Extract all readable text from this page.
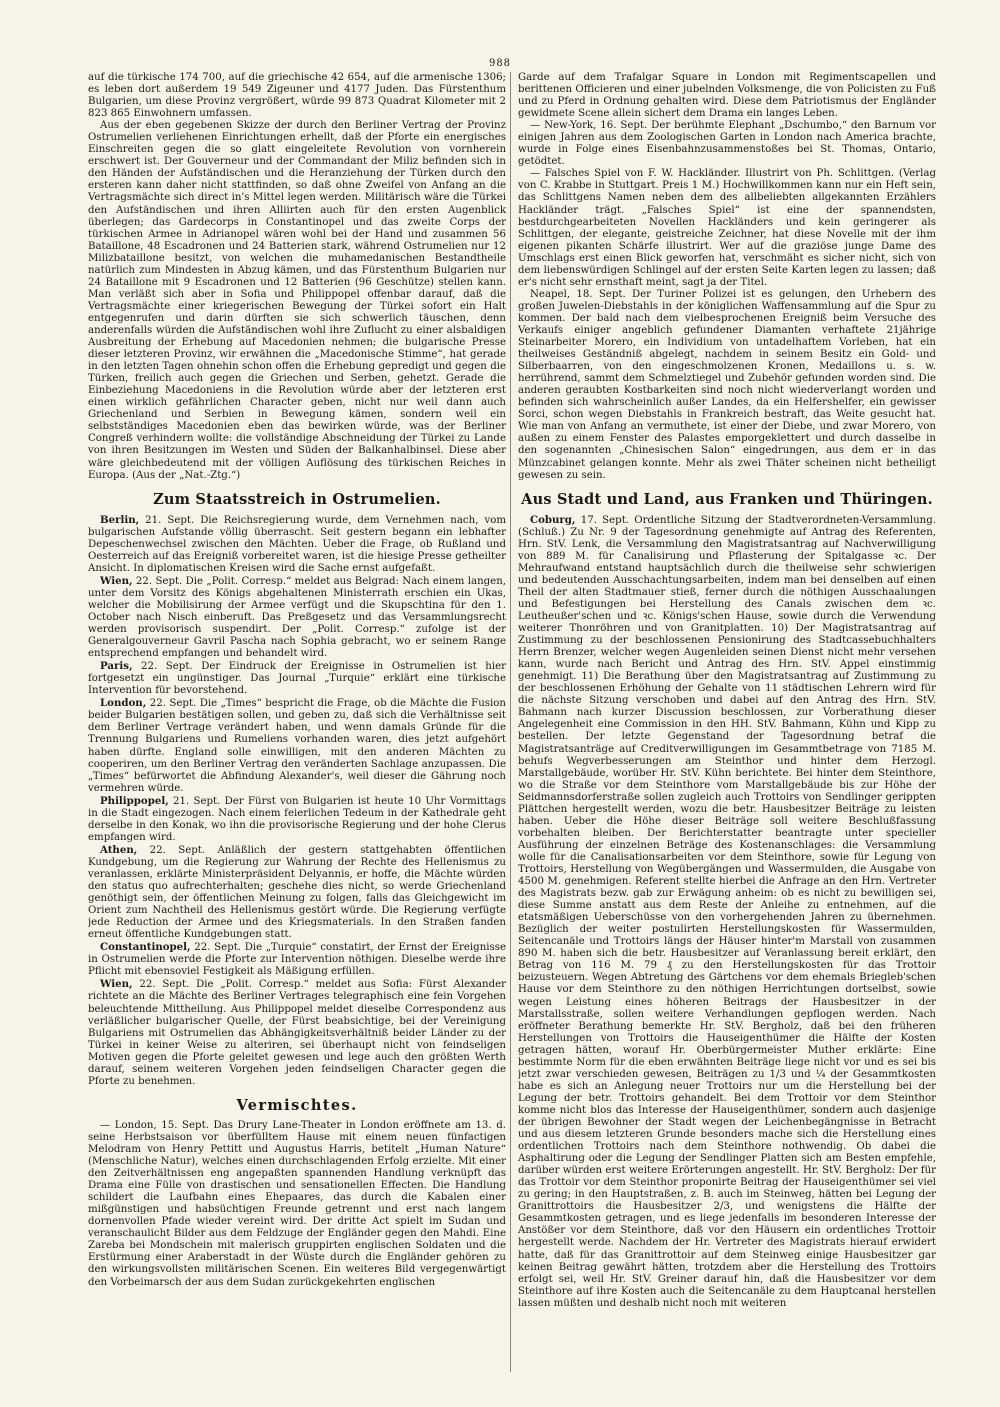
988

auf die türkische 174 700, auf die griechische 42 654, auf die armenische 1306; es leben dort außerdem 19 549 Zigeuner und 4177 Juden. Das Fürstenthum Bulgarien, um diese Provinz vergrößert, würde 99 873 Quadrat Kilometer mit 2 823 865 Einwohnern umfassen.

Aus der eben gegebenen Skizze der durch den Berliner Vertrag der Provinz Ostrumelien verliehenen Einrichtungen erhellt, daß der Pforte ein energisches Einschreiten gegen die so glatt eingeleitete Revolution von vornherein erschwert ist. Der Gouverneur und der Commandant der Miliz befinden sich in den Händen der Aufständischen und die Heranziehung der Türken durch den ersteren kann daher nicht stattfinden, so daß ohne Zweifel von Anfang an die Vertragsmächte sich direct in's Mittel legen werden. Militärisch wäre die Türkei den Aufständischen und ihren Alliirten auch für den ersten Augenblick überlegen; das Gardecorps in Constantinopel und das zweite Corps der türkischen Armee in Adrianopel wären wohl bei der Hand und zusammen 56 Bataillone, 48 Escadronen und 24 Batterien stark, während Ostrumelien nur 12 Milizbataillone besitzt, von welchen die muhamedanischen Bestandtheile natürlich zum Mindesten in Abzug kämen, und das Fürstenthum Bulgarien nur 24 Bataillone mit 9 Escadronen und 12 Batterien (96 Geschütze) stellen kann. Man verläßt sich aber in Sofia und Philippopel offenbar darauf, daß die Vertragsmächte einer kriegerischen Bewegung der Türkei sofort ein Halt entgegenrufen und darin dürften sie sich schwerlich täuschen, denn anderenfalls würden die Aufständischen wohl ihre Zuflucht zu einer alsbaldigen Ausbreitung der Erhebung auf Macedonien nehmen; die bulgarische Presse dieser letzteren Provinz, wir erwähnen die „Macedonische Stimme“, hat gerade in den letzten Tagen ohnehin schon offen die Erhebung gepredigt und gegen die Türken, freilich auch gegen die Griechen und Serben, gehetzt. Gerade die Einbeziehung Macedoniens in die Revolution würde aber der letzteren erst einen wirklich gefährlichen Character geben, nicht nur weil dann auch Griechenland und Serbien in Bewegung kämen, sondern weil ein selbstständiges Macedonien eben das bewirken würde, was der Berliner Congreß verhindern wollte: die vollständige Abschneidung der Türkei zu Lande von ihren Besitzungen im Westen und Süden der Balkanhalbinsel. Diese aber wäre gleichbedeutend mit der völligen Auflösung des türkischen Reiches in Europa. (Aus der „Nat.-Ztg.“)

Zum Staatsstreich in Ostrumelien.

Berlin, 21. Sept. Die Reichsregierung wurde, dem Vernehmen nach, vom bulgarischen Aufstande völlig überrascht. Seit gestern begann ein lebhafter Depeschenwechsel zwischen den Mächten. Ueber die Frage, ob Rußland und Oesterreich auf das Ereigniß vorbereitet waren, ist die hiesige Presse getheilter Ansicht. In diplomatischen Kreisen wird die Sache ernst aufgefaßt.

Wien, 22. Sept. Die „Polit. Corresp.“ meldet aus Belgrad: Nach einem langen, unter dem Vorsitz des Königs abgehaltenen Ministerrath erschien ein Ukas, welcher die Mobilisirung der Armee verfügt und die Skupschtina für den 1. October nach Nisch einberuft. Das Preßgesetz und das Versammlungsrecht werden provisorisch suspendirt. Der „Polit. Corresp.“ zufolge ist der Generalgouverneur Gavril Pascha nach Sophia gebracht, wo er seinem Range entsprechend empfangen und behandelt wird.

Paris, 22. Sept. Der Eindruck der Ereignisse in Ostrumelien ist hier fortgesetzt ein ungünstiger. Das Journal „Turquie“ erklärt eine türkische Intervention für bevorstehend.

London, 22. Sept. Die „Times“ bespricht die Frage, ob die Mächte die Fusion beider Bulgarien bestätigen sollen, und geben zu, daß sich die Verhältnisse seit dem Berliner Vertrage verändert haben, und wenn damals Gründe für die Trennung Bulgariens und Rumeliens vorhanden waren, dies jetzt aufgehört haben dürfte. England solle einwilligen, mit den anderen Mächten zu cooperiren, um den Berliner Vertrag den veränderten Sachlage anzupassen. Die „Times“ befürwortet die Abfindung Alexander's, weil dieser die Gährung noch vermehren würde.

Philippopel, 21. Sept. Der Fürst von Bulgarien ist heute 10 Uhr Vormittags in die Stadt eingezogen. Nach einem feierlichen Tedeum in der Kathedrale geht derselbe in den Konak, wo ihn die provisorische Regierung und der hohe Clerus empfangen wird.

Athen, 22. Sept. Anläßlich der gestern stattgehabten öffentlichen Kundgebung, um die Regierung zur Wahrung der Rechte des Hellenismus zu veranlassen, erklärte Ministerpräsident Delyannis, er hoffe, die Mächte würden den status quo aufrechterhalten; geschehe dies nicht, so werde Griechenland genöthigt sein, der öffentlichen Meinung zu folgen, falls das Gleichgewicht im Orient zum Nachtheil des Hellenismus gestört würde. Die Regierung verfügte jede Reduction der Armee und des Kriegsmaterials. In den Straßen fanden erneut öffentliche Kundgebungen statt.

Constantinopel, 22. Sept. Die „Turquie“ constatirt, der Ernst der Ereignisse in Ostrumelien werde die Pforte zur Intervention nöthigen. Dieselbe werde ihre Pflicht mit ebensoviel Festigkeit als Mäßigung erfüllen.

Wien, 22. Sept. Die „Polit. Corresp.“ meldet aus Sofia: Fürst Alexander richtete an die Mächte des Berliner Vertrages telegraphisch eine fein Vorgehen beleuchtende Mittheilung. Aus Philippopel meldet dieselbe Correspondenz aus verläßlicher bulgarischer Quelle, der Fürst beabsichtige, bei der Vereinigung Bulgariens mit Ostrumelien das Abhängigkeitsverhältniß beider Länder zu der Türkei in keiner Weise zu alteriren, sei überhaupt nicht von feindseligen Motiven gegen die Pforte geleitet gewesen und lege auch den größten Werth darauf, seinem weiteren Vorgehen jeden feindseligen Character gegen die Pforte zu benehmen.

Vermischtes.

— London, 15. Sept. Das Drury Lane-Theater in London eröffnete am 13. d. seine Herbstsaison vor überfülltem Hause mit einem neuen fünfactigen Melodram von Henry Pettitt und Augustus Harris, betitelt „Human Nature“ (Menschliche Natur), welches einen durchschlagenden Erfolg erzielte. Mit einer den Zeitverhältnissen eng angepaßten spannenden Handlung verknüpft das Drama eine Fülle von drastischen und sensationellen Effecten. Die Handlung schildert die Laufbahn eines Ehepaares, das durch die Kabalen einer mißgünstigen und habsüchtigen Freunde getrennt und erst nach langem dornenvollen Pfade wieder vereint wird. Der dritte Act spielt im Sudan und veranschaulicht Bilder aus dem Feldzuge der Engländer gegen den Mahdi. Eine Zareba bei Mondschein mit malerisch gruppirten englischen Soldaten und die Erstürmung einer Araberstadt in der Wüste durch die Engländer gehören zu den wirkungsvollsten militärischen Scenen. Ein weiteres Bild vergegenwärtigt den Vorbeimarsch der aus dem Sudan zurückgekehrten englischen

Garde auf dem Trafalgar Square in London mit Regimentscapellen und berittenen Officieren und einer jubelnden Volksmenge, die von Policisten zu Fuß und zu Pferd in Ordnung gehalten wird. Diese dem Patriotismus der Engländer gewidmete Scene allein sichert dem Drama ein langes Leben.

— New-York, 16. Sept. Der berühmte Elephant „Dschumbo,“ den Barnum vor einigen Jahren aus dem Zoologischen Garten in London nach America brachte, wurde in Folge eines Eisenbahnzusammenstoßes bei St. Thomas, Ontario, getödtet.

— Falsches Spiel von F. W. Hackländer. Illustrirt von Ph. Schlittgen. (Verlag von C. Krabbe in Stuttgart. Preis 1 M.) Hochwillkommen kann nur ein Heft sein, das Schlittgens Namen neben dem des allbeliebten allgekannten Erzählers Hackländer trägt. „Falsches Spiel“ ist eine der spannendsten, bestdurchgearbeiteten Novellen Hackländers und kein geringerer als Schlittgen, der elegante, geistreiche Zeichner, hat diese Novelle mit der ihm eigenen pikanten Schärfe illustrirt. Wer auf die graziöse junge Dame des Umschlags erst einen Blick geworfen hat, verschmäht es sicher nicht, sich von dem liebenswürdigen Schlingel auf der ersten Seite Karten legen zu lassen; daß er's nicht sehr ernsthaft meint, sagt ja der Titel.

Neapel, 18. Sept. Der Turiner Polizei ist es gelungen, den Urhebern des großen Juwelen-Diebstahls in der königlichen Waffensammlung auf die Spur zu kommen. Der bald nach dem vielbesprochenen Ereigniß beim Versuche des Verkaufs einiger angeblich gefundener Diamanten verhaftete 21jährige Steinarbeiter Morero, ein Individium von untadelhaftem Vorleben, hat ein theilweises Geständniß abgelegt, nachdem in seinem Besitz ein Gold- und Silberbaarren, von den eingeschmolzenen Kronen, Medaillons u. s. w. herrührend, sammt dem Schmelztiegel und Zubehör gefunden worden sind. Die anderen geraubten Kostbarkeiten sind noch nicht wiederverlangt worden und befinden sich wahrscheinlich außer Landes, da ein Helfershelfer, ein gewisser Sorci, schon wegen Diebstahls in Frankreich bestraft, das Weite gesucht hat. Wie man von Anfang an vermuthete, ist einer der Diebe, und zwar Morero, von außen zu einem Fenster des Palastes emporgeklettert und durch dasselbe in den sogenannten „Chinesischen Salon“ eingedrungen, aus dem er in das Münzcabinet gelangen konnte. Mehr als zwei Thäter scheinen nicht betheiligt gewesen zu sein.

Aus Stadt und Land, aus Franken und Thüringen.

Coburg, 17. Sept. Ordentliche Sitzung der Stadtverordneten-Versammlung. (Schluß.) Zu Nr. 9 der Tagesordnung genehmigte auf Antrag des Referenten, Hrn. StV. Lenk, die Versammlung den Magistratsantrag auf Nachverwilligung von 889 M. für Canalisirung und Pflasterung der Spitalgasse ꝛc. Der Mehraufwand entstand hauptsächlich durch die theilweise sehr schwierigen und bedeutenden Ausschachtungsarbeiten, indem man bei denselben auf einen Theil der alten Stadtmauer stieß, ferner durch die nöthigen Ausschaalungen und Befestigungen bei Herstellung des Canals zwischen dem ꝛc. Leutheußer'schen und ꝛc. Königs'schen Hause, sowie durch die Verwendung weiterer Thonröhren und von Granitplatten. 10) Der Magistratsantrag auf Zustimmung zu der beschlossenen Pensionirung des Stadtcassebuchhalters Herrn Brenzer, welcher wegen Augenleiden seinen Dienst nicht mehr versehen kann, wurde nach Bericht und Antrag des Hrn. StV. Appel einstimmig genehmigt. 11) Die Berathung über den Magistratsantrag auf Zustimmung zu der beschlossenen Erhöhung der Gehalte von 11 städtischen Lehrern wird für die nächste Sitzung verschoben und dabei auf den Antrag des Hrn. StV. Bahmann nach kurzer Discussion beschlossen, zur Vorberathung dieser Angelegenheit eine Commission in den HH. StV. Bahmann, Kühn und Kipp zu bestellen. Der letzte Gegenstand der Tagesordnung betraf die Magistratsanträge auf Creditverwilligungen im Gesammtbetrage von 7185 M. behufs Wegverbesserungen am Steinthor und hinter dem Herzogl. Marstallgebäude, worüber Hr. StV. Kühn berichtete. Bei hinter dem Steinthore, wo die Straße vor dem Steinthore vom Marstallgebäude bis zur Höhe der Seidmannsdorferstraße sollen zugleich auch Trottoirs von Sendlinger gerippten Plättchen hergestellt werden, wozu die betr. Hausbesitzer Beiträge zu leisten haben. Ueber die Höhe dieser Beiträge soll weitere Beschlußfassung vorbehalten bleiben. Der Berichterstatter beantragte unter specieller Ausführung der einzelnen Beträge des Kostenanschlages: die Versammlung wolle für die Canalisationsarbeiten vor dem Steinthore, sowie für Legung von Trottoirs, Herstellung von Wegübergängen und Wassermulden, die Ausgabe von 4500 M. genehmigen. Referent stellte hierbei die Anfrage an den Hrn. Vertreter des Magistrats bezw. gab zur Erwägung anheim: ob es nicht zu bewilligen sei, diese Summe anstatt aus dem Reste der Anleihe zu entnehmen, auf die etatsmäßigen Ueberschüsse von den vorhergehenden Jahren zu übernehmen. Bezüglich der weiter postulirten Herstellungskosten für Wassermulden, Seitencanäle und Trottoirs längs der Häuser hinter'm Marstall von zusammen 890 M. haben sich die betr. Hausbesitzer auf Veranlassung bereit erklärt, den Betrag von 116 M. 79 ₰ zu den Herstellungskosten für das Trottoir beizusteuern. Wegen Abtretung des Gärtchens vor dem ehemals Briegleb'schen Hause vor dem Steinthore zu den nöthigen Herrichtungen dortselbst, sowie wegen Leistung eines höheren Beitrags der Hausbesitzer in der Marstallsstraße, sollen weitere Verhandlungen gepflogen werden. Nach eröffneter Berathung bemerkte Hr. StV. Bergholz, daß bei den früheren Herstellungen von Trottoirs die Hauseigenthümer die Hälfte der Kosten getragen hätten, worauf Hr. Oberbürgermeister Muther erklärte: Eine bestimmte Norm für die eben erwähnten Beiträge liege nicht vor und es sei bis jetzt zwar verschieden gewesen, Beiträgen zu 1/3 und ¼ der Gesammtkosten habe es sich an Anlegung neuer Trottoirs nur um die Herstellung bei der Legung der betr. Trottoirs gehandelt. Bei dem Trottoir vor dem Steinthor komme nicht blos das Interesse der Hauseigenthümer, sondern auch dasjenige der übrigen Bewohner der Stadt wegen der Leichenbegängnisse in Betracht und aus diesem letzteren Grunde besonders mache sich die Herstellung eines ordentlichen Trottoirs nach dem Steinthore nothwendig. Ob dabei die Asphaltirung oder die Legung der Sendlinger Platten sich am Besten empfehle, darüber würden erst weitere Erörterungen angestellt. Hr. StV. Bergholz: Der für das Trottoir vor dem Steinthor proponirte Beitrag der Hauseigenthümer sei viel zu gering; in den Hauptstraßen, z. B. auch im Steinweg, hätten bei Legung der Granittrottoirs die Hausbesitzer 2/3, und wenigstens die Hälfte der Gesammtkosten getragen, und es liege jedenfalls im besonderen Interesse der Anstößer vor dem Steinthore, daß vor den Häusern ein ordentliches Trottoir hergestellt werde. Nachdem der Hr. Vertreter des Magistrats hierauf erwidert hatte, daß für das Granittrottoir auf dem Steinweg einige Hausbesitzer gar keinen Beitrag gewährt hätten, trotzdem aber die Herstellung des Trottoirs erfolgt sei, weil Hr. StV. Greiner darauf hin, daß die Hausbesitzer vor dem Steinthore auf ihre Kosten auch die Seitencanäle zu dem Hauptcanal herstellen lassen müßten und deshalb nicht noch mit weiteren
